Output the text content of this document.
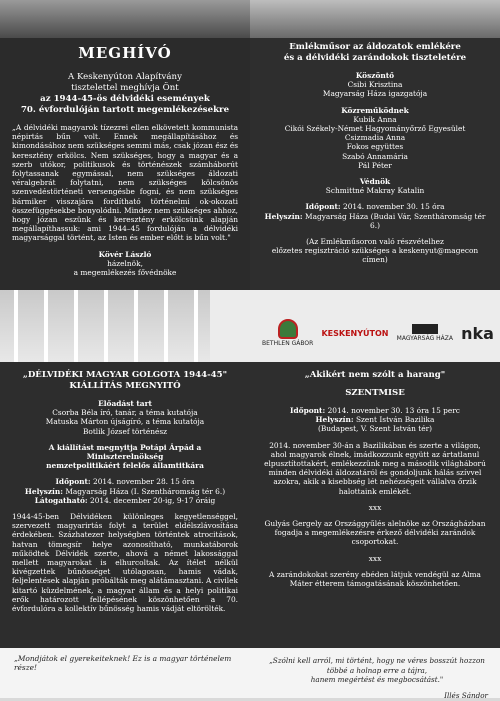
MEGHÍVÓ
A Keskenyúton Alapítvány
tisztelettel meghívja Önt
az 1944-45-ös délvidéki események
70. évfordulóján tartott megemlékezésekre
„A délvidéki magyarok tízezrei ellen elkövetett kommunista népirtás bűn volt. Ennek megállapításához és kimondásához nem szükséges semmi más, csak józan ész és keresztény erkölcs. Nem szükséges, hogy a magyar és a szerb utókor, politikusok és történészek számháborút folytassanak egymással, nem szükséges áldozati véralgebrát folytatni, nem szükséges kölcsönös szenvedéstörténeti versengésbe fogni, és nem szükséges bármiker visszajára fordítható történelmi ok-okozati összefüggésekbe bonyolódni. Mindez nem szükséges ahhoz, hogy józan eszünk és keresztény erkölcsünk alapján megállapíthassuk: ami 1944–45 fordulóján a délvidéki magyarsággal történt, az Isten és ember előtt is bűn volt."
Kövér László
házelnök,
a megemlékezés fővédnöke
Emlékműsor az áldozatok emlékére
és a délvidéki zarándokok tiszteletére
Köszöntő
Csibi Krisztina
Magyarság Háza igazgatója
Közreműködnek
Kubik Anna
Cikói Székely-Német Hagyományőrző Egyesület
Csizmadia Anna
Fokos együttes
Szabó Annamária
Pál Péter
Védnök
Schmittné Makray Katalin
Időpont: 2014. november 30. 15 óra
Helyszín: Magyarság Háza (Budai Vár, Szentháromság tér 6.)
(Az Emlékműsoron való részvételhez
előzetes regisztráció szükséges a keskenyut@magecon címen)
BETHLEN GÁBOR
KESKENYÚTON
MAGYARSÁG HÁZA nka
„DÉLVIDÉKI MAGYAR GOLGOTA 1944-45"
KIÁLLÍTÁS MEGNYITÓ
Előadást tart
Csorba Béla író, tanár, a téma kutatója
Matuska Márton újságíró, a téma kutatója
Botlik József történész
A kiállítást megnyitja Potápi Árpád a Miniszterelnökség
nemzetpolitikáért felelős államtitkára
Időpont: 2014. november 28. 15 óra
Helyszín: Magyarság Háza (I. Szentháromság tér 6.)
Látogatható: 2014. december 20-ig, 9-17 óráig
1944-45-ben Délvidéken különleges kegyetlenséggel, szervezett magyarirtás folyt a terület eldélszlávosítása érdekében. Százhatezer helységben történtek atrocitások, hatvan tömegsír helye azonosítható, munkatáborok működtek Délvidék szerte, ahová a német lakossággal mellett magyarokat is elhurcoltak. Az ítélet nélkül kivégzettek bűnösséget utólagosan, hamis vádak, feljelentések alapján próbálták meg alátámasztani. A civilek kitartó küzdelmének, a magyar állam és a helyi politikai erők határozott fellépésének köszönhetően a 70. évfordulóra a kollektív bűnösség hamis vádját eltörölték.
„Akikért nem szólt a harang"
SZENTMISE
Időpont: 2014. november 30. 13 óra 15 perc
Helyszín: Szent István Bazilika
(Budapest, V. Szent István tér)
2014. november 30-án a Bazilikában és szerte a világon, ahol magyarok élnek, imádkozzunk együtt az ártatlanul elpusztítottakért, emlékezzünk meg a második világháború minden délvidéki áldozatáról és gondoljunk hálás szívvel azokra, akik a kisebbség lét nehézségeit vállalva őrzik halottaink emlékét.
xxx
Gulyás Gergely az Országgyűlés alelnöke az Országházban fogadja a megemlékezésre érkező délvidéki zarándok csoportokat.
xxx
A zarándokokat szerény ebéden látjuk vendégül az Alma Máter étterem támogatásának köszönhetően.
„Mondjátok el gyerekeiteknek! Ez is a magyar történelem része!
„Szólni kell arról, mi történt, hogy ne véres bosszút hozzon
többé a holnap erre a tájra,
hanem megértést és megbocsátást."
Illés Sándor
